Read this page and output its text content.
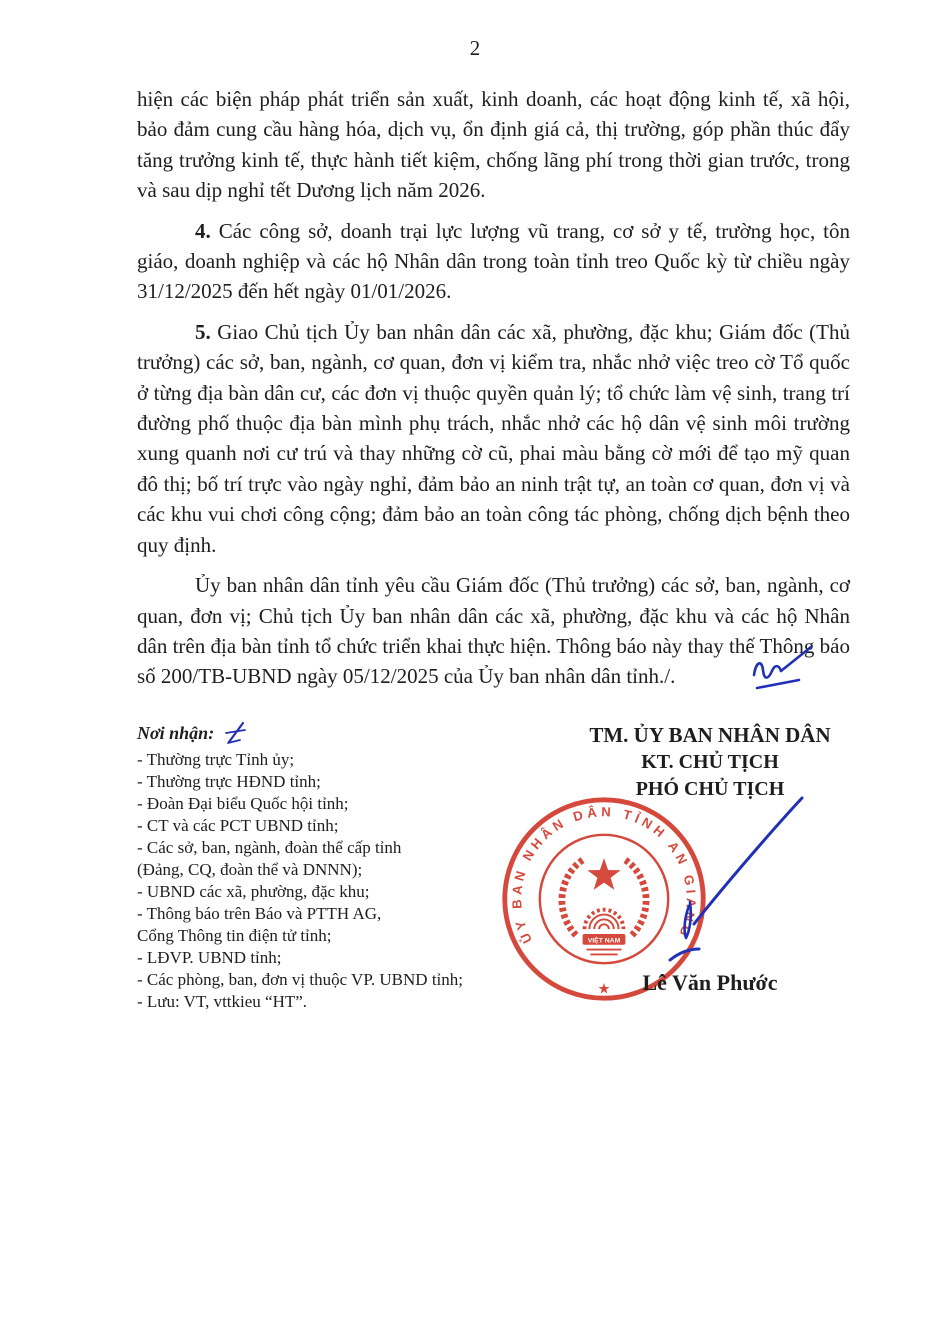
2

hiện các biện pháp phát triển sản xuất, kinh doanh, các hoạt động kinh tế, xã hội, bảo đảm cung cầu hàng hóa, dịch vụ, ổn định giá cả, thị trường, góp phần thúc đẩy tăng trưởng kinh tế, thực hành tiết kiệm, chống lãng phí trong thời gian trước, trong và sau dịp nghỉ tết Dương lịch năm 2026.

4. Các công sở, doanh trại lực lượng vũ trang, cơ sở y tế, trường học, tôn giáo, doanh nghiệp và các hộ Nhân dân trong toàn tỉnh treo Quốc kỳ từ chiều ngày 31/12/2025 đến hết ngày 01/01/2026.

5. Giao Chủ tịch Ủy ban nhân dân các xã, phường, đặc khu; Giám đốc (Thủ trưởng) các sở, ban, ngành, cơ quan, đơn vị kiểm tra, nhắc nhở việc treo cờ Tổ quốc ở từng địa bàn dân cư, các đơn vị thuộc quyền quản lý; tổ chức làm vệ sinh, trang trí đường phố thuộc địa bàn mình phụ trách, nhắc nhở các hộ dân vệ sinh môi trường xung quanh nơi cư trú và thay những cờ cũ, phai màu bằng cờ mới để tạo mỹ quan đô thị; bố trí trực vào ngày nghỉ, đảm bảo an ninh trật tự, an toàn cơ quan, đơn vị và các khu vui chơi công cộng; đảm bảo an toàn công tác phòng, chống dịch bệnh theo quy định.

Ủy ban nhân dân tỉnh yêu cầu Giám đốc (Thủ trưởng) các sở, ban, ngành, cơ quan, đơn vị; Chủ tịch Ủy ban nhân dân các xã, phường, đặc khu và các hộ Nhân dân trên địa bàn tỉnh tổ chức triển khai thực hiện. Thông báo này thay thế Thông báo số 200/TB-UBND ngày 05/12/2025 của Ủy ban nhân dân tỉnh./.

Nơi nhận:
- Thường trực Tỉnh ủy;
- Thường trực HĐND tỉnh;
- Đoàn Đại biểu Quốc hội tỉnh;
- CT và các PCT UBND tỉnh;
- Các sở, ban, ngành, đoàn thể cấp tỉnh
(Đảng, CQ, đoàn thể và DNNN);
- UBND các xã, phường, đặc khu;
- Thông báo trên Báo và PTTH AG,
Cổng Thông tin điện tử tỉnh;
- LĐVP. UBND tỉnh;
- Các phòng, ban, đơn vị thuộc VP. UBND tỉnh;
- Lưu: VT, vttkieu “HT”.
TM. ỦY BAN NHÂN DÂN
KT. CHỦ TỊCH
PHÓ CHỦ TỊCH
VIỆT NAM
ỦY BAN NHÂN DÂN TỈNH AN GIANG
★	Lê Văn Phước
